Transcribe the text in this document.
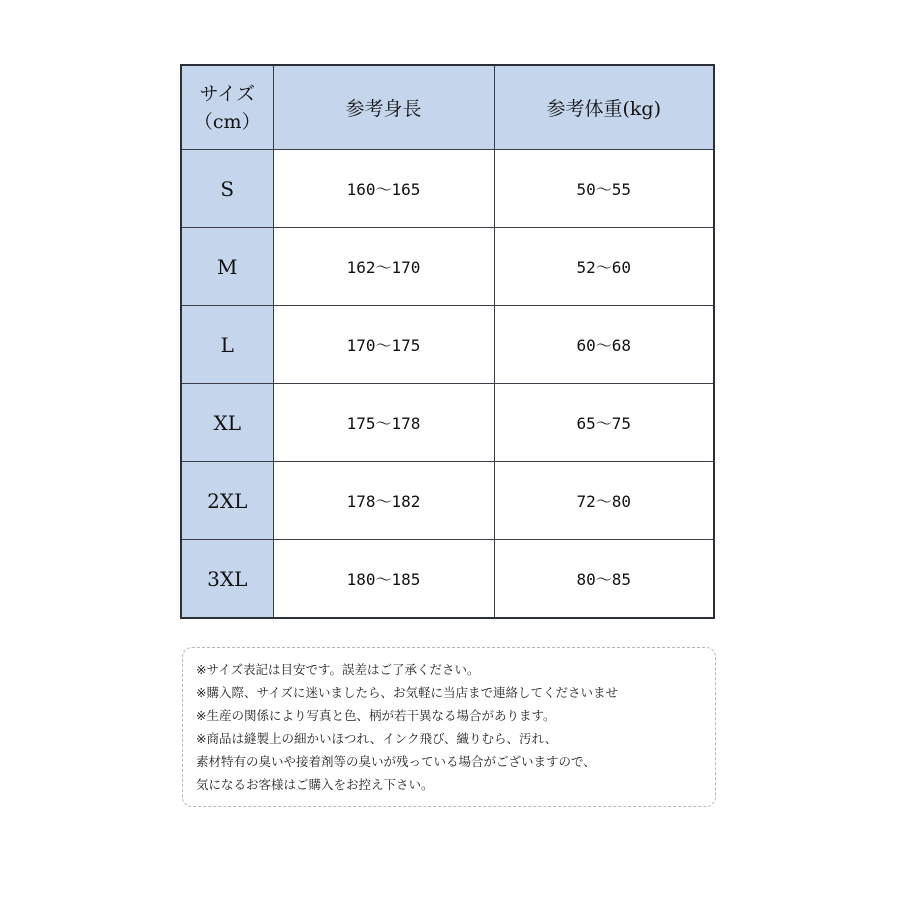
サイズ
（cm）	参考身長	参考体重(kg)
S	160～165	50～55
M	162～170	52～60
L	170～175	60～68
XL	175～178	65～75
2XL	178～182	72～80
3XL	180～185	80～85
※サイズ表記は目安です。誤差はご了承ください。
※購入際、サイズに迷いましたら、お気軽に当店まで連絡してくださいませ
※生産の関係により写真と色、柄が若干異なる場合があります。
※商品は縫製上の細かいほつれ、インク飛び、織りむら、汚れ、
素材特有の臭いや接着剤等の臭いが残っている場合がございますので、
気になるお客様はご購入をお控え下さい。
